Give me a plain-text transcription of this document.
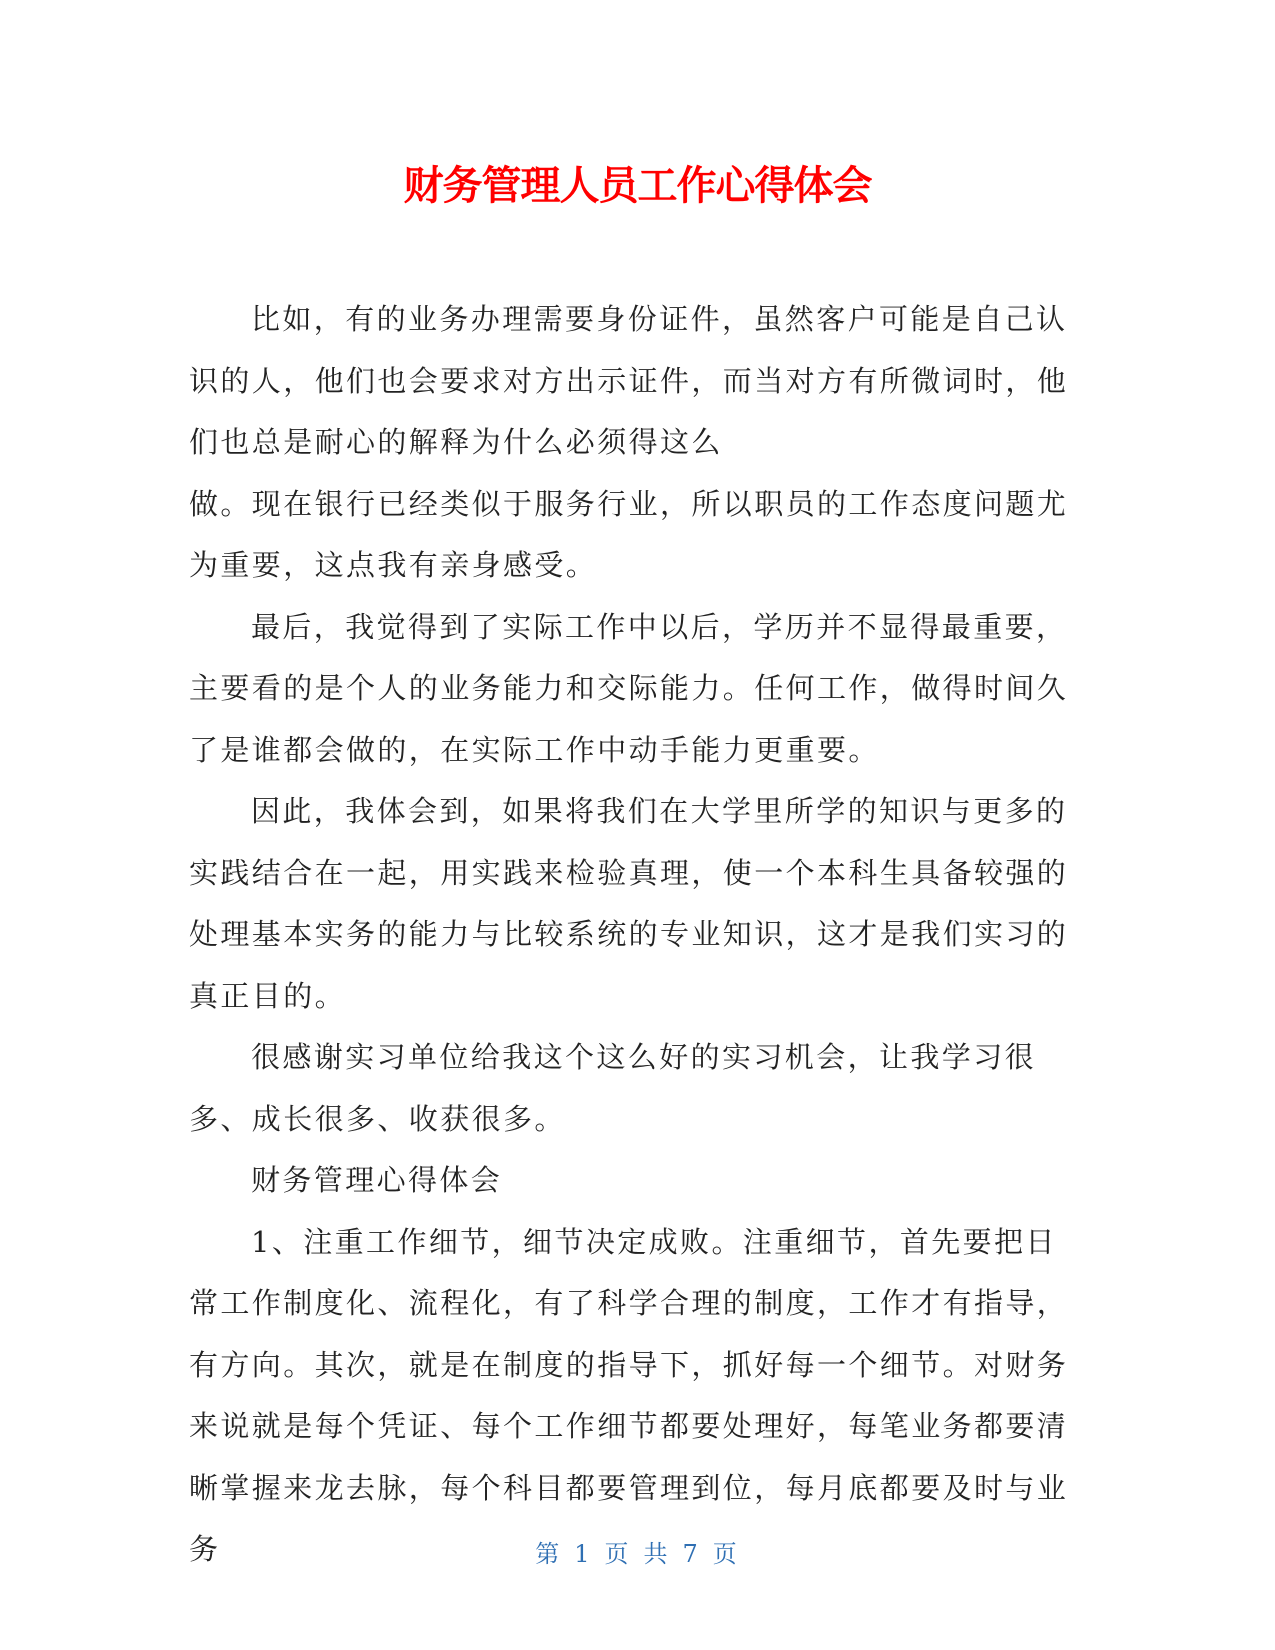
财务管理人员工作心得体会

比如，有的业务办理需要身份证件，虽然客户可能是自己认识的人，他们也会要求对方出示证件，而当对方有所微词时，他们也总是耐心的解释为什么必须得这么

做。现在银行已经类似于服务行业，所以职员的工作态度问题尤为重要，这点我有亲身感受。

最后，我觉得到了实际工作中以后，学历并不显得最重要，主要看的是个人的业务能力和交际能力。任何工作，做得时间久了是谁都会做的，在实际工作中动手能力更重要。

因此，我体会到，如果将我们在大学里所学的知识与更多的实践结合在一起，用实践来检验真理，使一个本科生具备较强的处理基本实务的能力与比较系统的专业知识，这才是我们实习的真正目的。

很感谢实习单位给我这个这么好的实习机会，让我学习很多、成长很多、收获很多。

财务管理心得体会

1、注重工作细节，细节决定成败。注重细节，首先要把日常工作制度化、流程化，有了科学合理的制度，工作才有指导，有方向。其次，就是在制度的指导下，抓好每一个细节。对财务来说就是每个凭证、每个工作细节都要处理好，每笔业务都要清晰掌握来龙去脉，每个科目都要管理到位，每月底都要及时与业务	第 1 页 共 7 页
